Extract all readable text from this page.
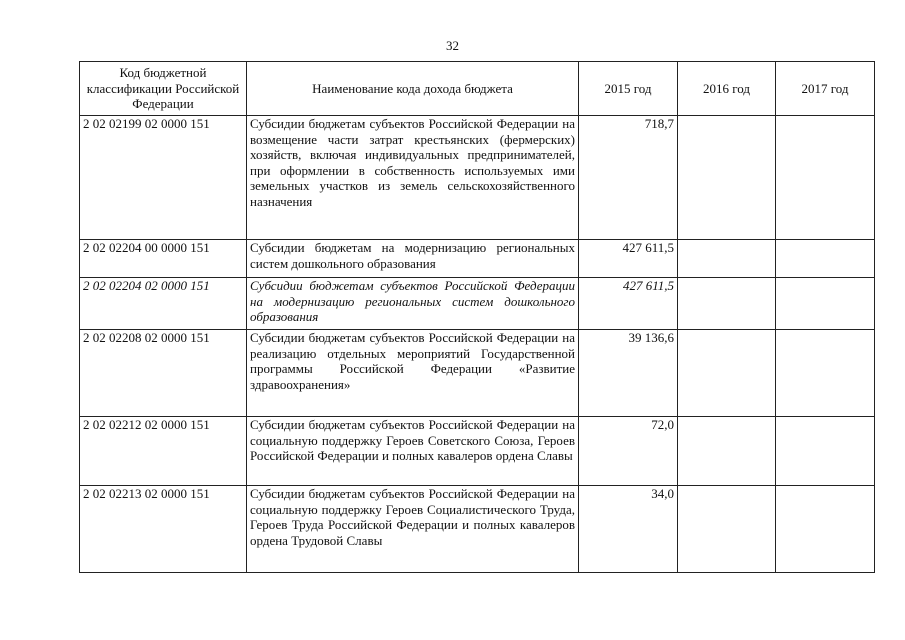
32
Код бюджетной классификации Российской Федерации	Наименование кода дохода бюджета	2015 год	2016 год	2017 год
2 02 02199 02 0000 151	Субсидии бюджетам субъектов Российской Федерации на возмещение части затрат крестьянских (фермерских) хозяйств, включая индивидуальных предпринимателей, при оформлении в собственность используемых ими земельных участков из земель сельскохозяйственного назначения	718,7		
2 02 02204 00 0000 151	Субсидии бюджетам на модернизацию региональных систем дошкольного образования	427 611,5		
2 02 02204 02 0000 151	Субсидии бюджетам субъектов Российской Федерации на модернизацию региональных систем дошкольного образования	427 611,5		
2 02 02208 02 0000 151	Субсидии бюджетам субъектов Российской Федерации на реализацию отдельных мероприятий Государственной программы Российской Федерации «Развитие здравоохранения»	39 136,6		
2 02 02212 02 0000 151	Субсидии бюджетам субъектов Российской Федерации на социальную поддержку Героев Советского Союза, Героев Российской Федерации и полных кавалеров ордена Славы	72,0		
2 02 02213 02 0000 151	Субсидии бюджетам субъектов Российской Федерации на социальную поддержку Героев Социалистического Труда, Героев Труда Российской Федерации и полных кавалеров ордена Трудовой Славы	34,0		
